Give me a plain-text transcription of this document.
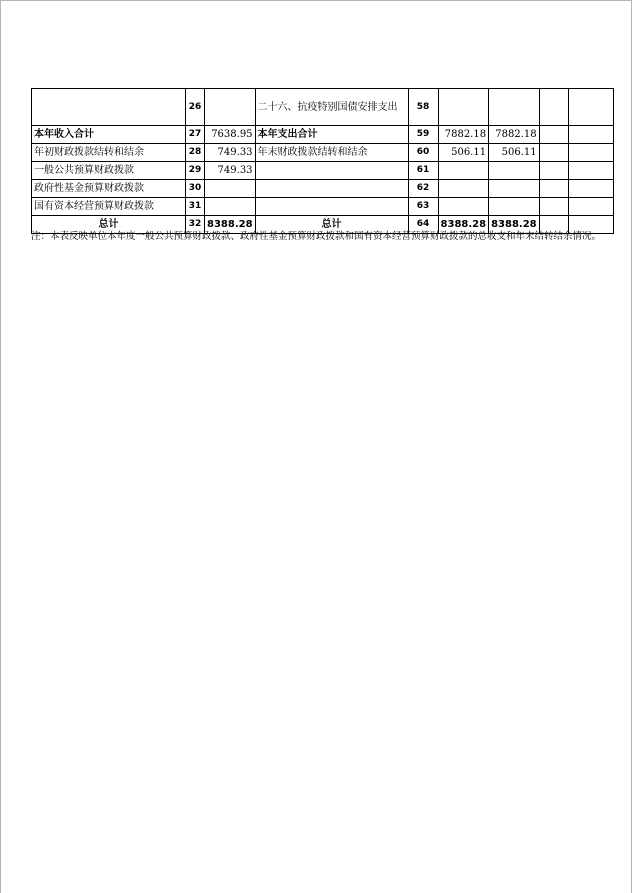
	26		二十六、抗疫特别国债安排支出	58				
本年收入合计	27	7638.95	本年支出合计	59	7882.18	7882.18		
年初财政拨款结转和结余	28	749.33	年末财政拨款结转和结余	60	506.11	506.11		
一般公共预算财政拨款	29	749.33		61				
政府性基金预算财政拨款	30			62				
国有资本经营预算财政拨款	31			63				
总计	32	8388.28	总计	64	8388.28	8388.28		
注：本表反映单位本年度一般公共预算财政拨款、政府性基金预算财政拨款和国有资本经营预算财政拨款的总收支和年末结转结余情况。
